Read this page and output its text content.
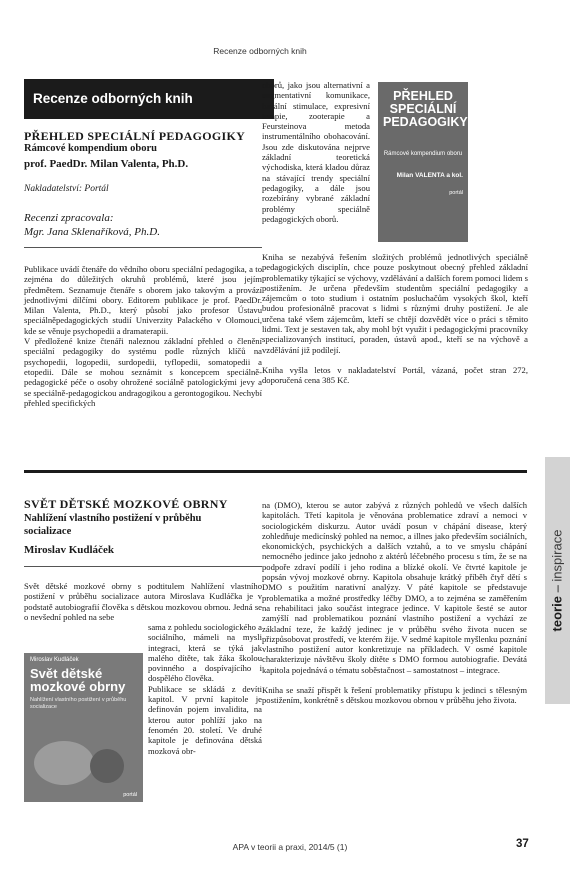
Recenze odborných knih
Recenze odborných knih
PŘEHLED SPECIÁLNÍ PEDAGOGIKY
Rámcové kompendium oboru
prof. PaedDr. Milan Valenta, Ph.D.
Nakladatelství: Portál
Recenzi zpracovala:
Mgr. Jana Sklenaříková, Ph.D.
Publikace uvádí čtenáře do vědního oboru speciální pedagogika, a to zejména do důležitých okruhů problémů, které jsou jejím předmětem. Seznamuje čtenáře s oborem jako takovým a provází jednotlivými dílčími obory. Editorem publikace je prof. PaedDr. Milan Valenta, Ph.D., který působí jako profesor Ústavu speciálněpedagogických studií Univerzity Palackého v Olomouci, kde se věnuje psychopedii a dramaterapii.
V předložené knize čtenáři naleznou základní přehled o členění speciální pedagogiky do systému podle různých klíčů na psychopedii, logopedii, surdopedii, tyflopedii, somatopedii a etopedii. Dále se mohou seznámit s koncepcem speciálně-pedagogické péče o osoby ohrožené sociálně patologickými jevy a se speciálně-pedagogickou andragogikou a gerontogogikou. Nechybí přehled specifických
oborů, jako jsou alternativní a augmentativní komunikace, bazální stimulace, expresivní terapie, zooterapie a Feursteinova metoda instrumentálního obohacování. Jsou zde diskutována nejprve základní teoretická východiska, která kladou důraz na stávající trendy speciální pedagogiky, a dále jsou rozebírány vybrané základní problémy speciálně pedagogických oborů.
PŘEHLED SPECIÁLNÍ PEDAGOGIKY
Rámcové kompendium oboru
Milan VALENTA a kol.
portál
Kniha se nezabývá řešením složitých problémů jednotlivých speciálně pedagogických disciplín, chce pouze poskytnout obecný přehled základní problematiky týkající se výchovy, vzdělávání a dalších forem pomoci lidem s postižením. Je určena především studentům speciální pedagogiky a zájemcům o toto studium i ostatním posluchačům vysokých škol, kteří budou profesionálně pracovat s lidmi s různými druhy postižení. Je ale určena také všem zájemcům, kteří se chtějí dozvědět více o práci s těmito lidmi. Text je sestaven tak, aby mohl být využit i pedagogickými pracovníky specializovaných institucí, poraden, ústavů apod., kteří se na výchově a vzdělávání již podílejí.
Kniha vyšla letos v nakladatelství Portál, vázaná, počet stran 272, doporučená cena 385 Kč.
teorie – inspirace
SVĚT DĚTSKÉ MOZKOVÉ OBRNY
Nahlížení vlastního postižení v průběhu socializace
Miroslav Kudláček
Svět dětské mozkové obrny s podtitulem Nahlížení vlastního postižení v průběhu socializace autora Miroslava Kudláčka je v podstatě autobiografií člověka s dětskou mozkovou obrnou. Jedná se o nevšední pohled na sebe
Miroslav Kudláček
Svět dětské mozkové obrny
Nahlížení vlastního postižení v průběhu socializace
portál
sama z pohledu sociologického a sociálního, mámeli na mysli integraci, která se týká jak malého dítěte, tak žáka školou povinného a dospívajícího i dospělého člověka.
Publikace se skládá z devíti kapitol. V první kapitole je definován pojem invalidita, na kterou autor pohlíží jako na fenomén 20. století. Ve druhé kapitole je definována dětská mozková obr-
na (DMO), kterou se autor zabývá z různých pohledů ve všech dalších kapitolách. Třetí kapitola je věnována problematice zdraví a nemoci v sociologickém diskurzu. Autor uvádí posun v chápání disease, který zohledňuje medicínský pohled na nemoc, a illnes jako především sociálních, ekonomických, psychických a dalších vztahů, a to ve smyslu chápání nemocného jedince jako jednoho z aktérů léčebného procesu s tím, že se na podpoře zdraví podílí i jeho rodina a blízké okolí. Ve čtvrté kapitole je popsán vývoj mozkové obrny. Kapitola obsahuje krátký příběh čtyř dětí s DMO s použitím narativní analýzy. V páté kapitole se představuje problematika a možné prostředky léčby DMO, a to zejména se zaměřením na rehabilitaci jako součást integrace jedince. V kapitole šesté se autor zamýšlí nad problematikou poznání vlastního postižení a vychází ze základní teze, že každý jedinec je v průběhu svého života nucen se přizpůsobovat prostředí, ve kterém žije. V sedmé kapitole myšlenku poznání vlastního postižení autor konkretizuje na příkladech. V osmé kapitole charakterizuje návštěvu školy dítěte s DMO formou autobiografie. Devátá kapitola pojednává o tématu soběstačnost – samostatnost – integrace.
Kniha se snaží přispět k řešení problematiky přístupu k jedinci s tělesným postižením, konkrétně s dětskou mozkovou obrnou v průběhu jeho života.
APA v teorii a praxi, 2014/5 (1)	37
